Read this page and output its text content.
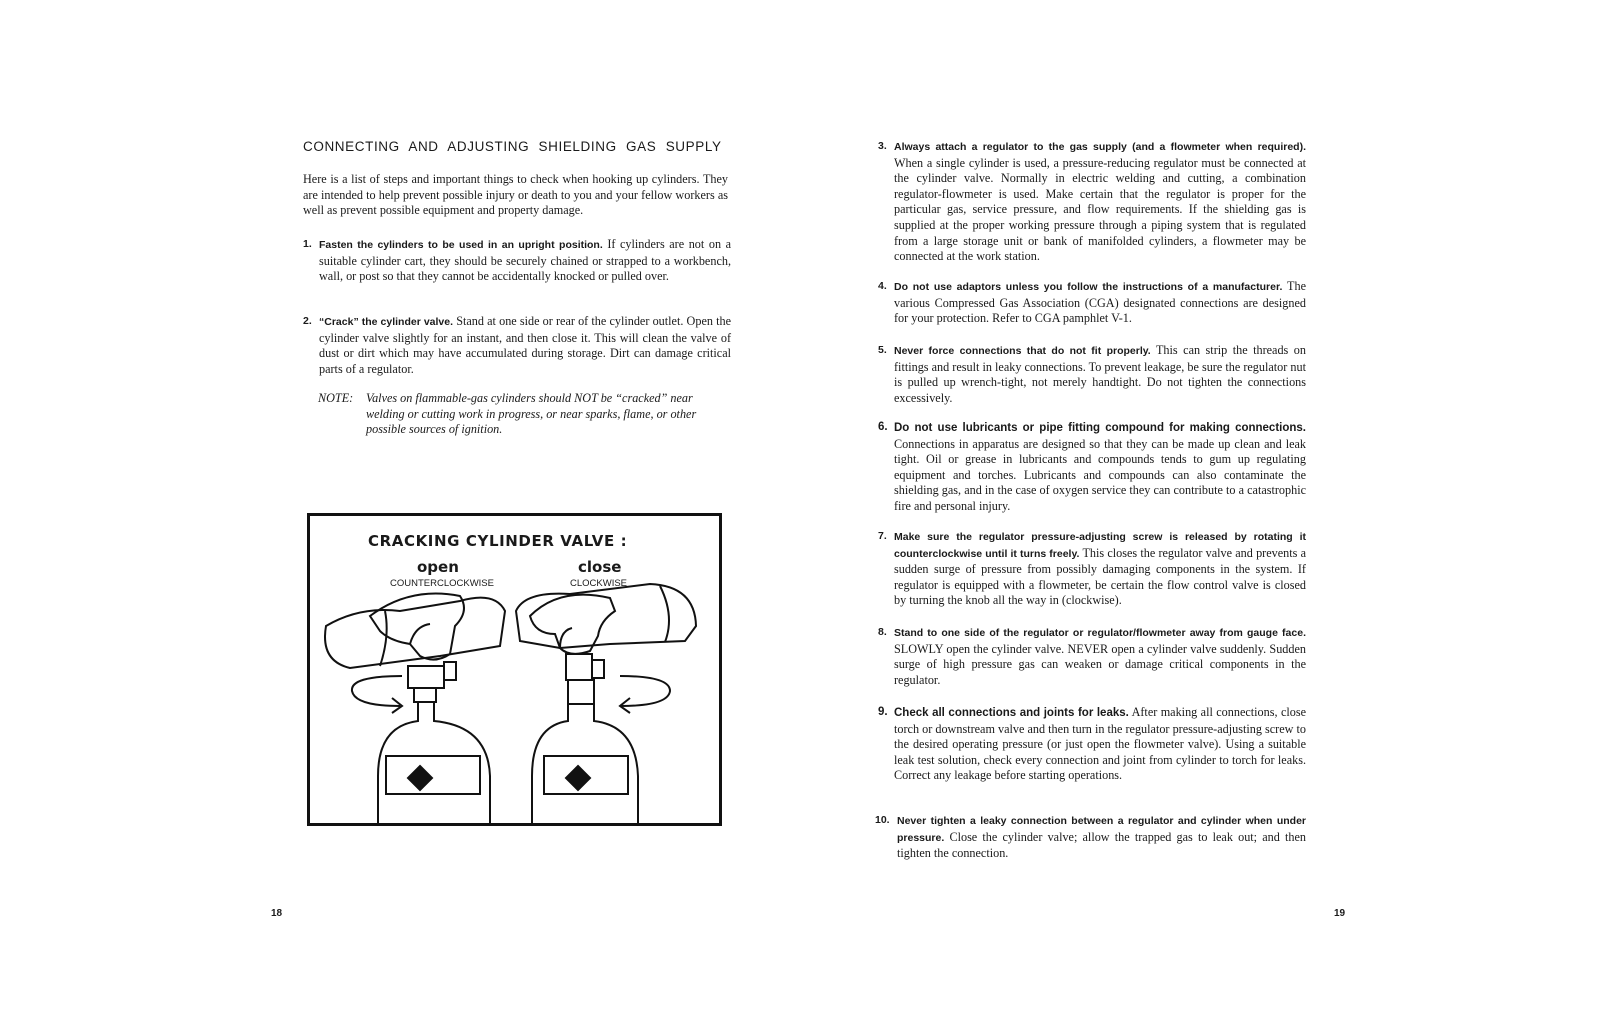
CONNECTING AND ADJUSTING SHIELDING GAS SUPPLY
Here is a list of steps and important things to check when hooking up cylinders. They are intended to help prevent possible injury or death to you and your fellow workers as well as prevent possible equipment and property damage.
1. Fasten the cylinders to be used in an upright position. If cylinders are not on a suitable cylinder cart, they should be securely chained or strapped to a workbench, wall, or post so that they cannot be accidentally knocked or pulled over.
2. “Crack” the cylinder valve. Stand at one side or rear of the cylinder outlet. Open the cylinder valve slightly for an instant, and then close it. This will clean the valve of dust or dirt which may have accumulated during storage. Dirt can damage critical parts of a regulator.
NOTE: Valves on flammable-gas cylinders should NOT be “cracked” near welding or cutting work in progress, or near sparks, flame, or other possible sources of ignition.
CRACKING CYLINDER VALVE :
open
COUNTERCLOCKWISE
close
CLOCKWISE
18
3. Always attach a regulator to the gas supply (and a flowmeter when required). When a single cylinder is used, a pressure-reducing regulator must be connected at the cylinder valve. Normally in electric welding and cutting, a combination regulator-flowmeter is used. Make certain that the regulator is proper for the particular gas, service pressure, and flow requirements. If the shielding gas is supplied at the proper working pressure through a piping system that is regulated from a large storage unit or bank of manifolded cylinders, a flowmeter may be connected at the work station.
4. Do not use adaptors unless you follow the instructions of a manufacturer. The various Compressed Gas Association (CGA) designated connections are designed for your protection. Refer to CGA pamphlet V-1.
5. Never force connections that do not fit properly. This can strip the threads on fittings and result in leaky connections. To prevent leakage, be sure the regulator nut is pulled up wrench-tight, not merely handtight. Do not tighten the connections excessively.
6. Do not use lubricants or pipe fitting compound for making connections. Connections in apparatus are designed so that they can be made up clean and leak tight. Oil or grease in lubricants and compounds tends to gum up regulating equipment and torches. Lubricants and compounds can also contaminate the shielding gas, and in the case of oxygen service they can contribute to a catastrophic fire and personal injury.
7. Make sure the regulator pressure-adjusting screw is released by rotating it counterclockwise until it turns freely. This closes the regulator valve and prevents a sudden surge of pressure from possibly damaging components in the system. If regulator is equipped with a flowmeter, be certain the flow control valve is closed by turning the knob all the way in (clockwise).
8. Stand to one side of the regulator or regulator/flowmeter away from gauge face. SLOWLY open the cylinder valve. NEVER open a cylinder valve suddenly. Sudden surge of high pressure gas can weaken or damage critical components in the regulator.
9. Check all connections and joints for leaks. After making all connections, close torch or downstream valve and then turn in the regulator pressure-adjusting screw to the desired operating pressure (or just open the flowmeter valve). Using a suitable leak test solution, check every connection and joint from cylinder to torch for leaks. Correct any leakage before starting operations.
10. Never tighten a leaky connection between a regulator and cylinder when under pressure. Close the cylinder valve; allow the trapped gas to leak out; and then tighten the connection.
19
